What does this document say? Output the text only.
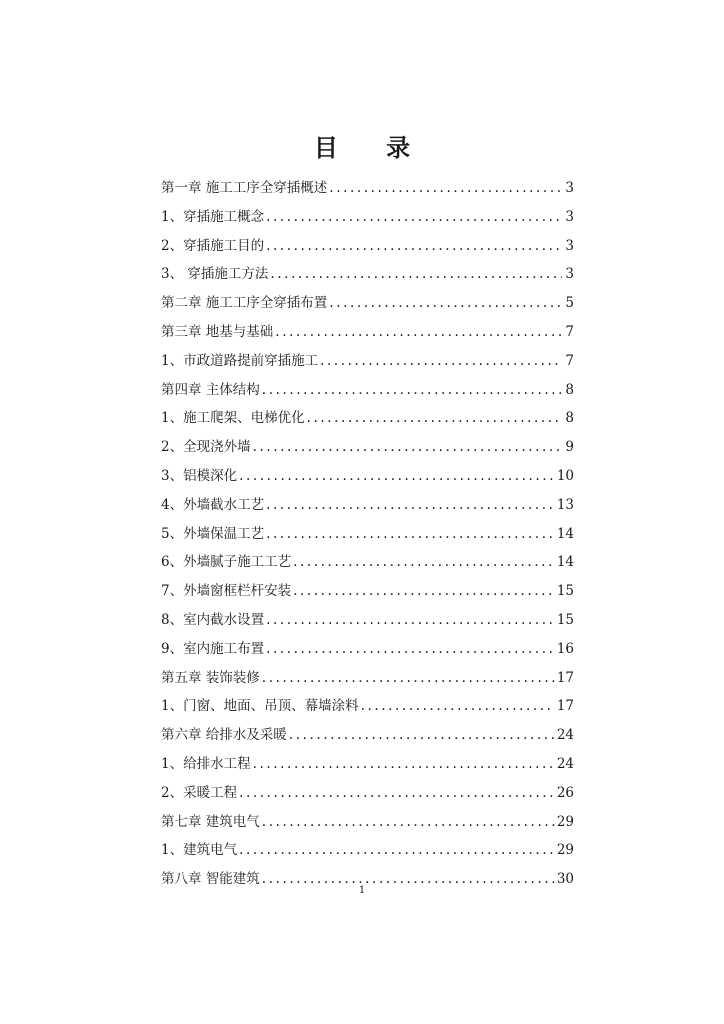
目 录
第一章 施工工序全穿插概述 .....	3
1、穿插施工概念 .....	3
2、穿插施工目的 .....	3
3、 穿插施工方法 .....	3
第二章 施工工序全穿插布置 .....	5
第三章 地基与基础 .....	7
1、市政道路提前穿插施工 .....	7
第四章 主体结构 .....	8
1、施工爬架、电梯优化 .....	8
2、全现浇外墙 .....	9
3、铝模深化 .....	10
4、外墙截水工艺 .....	13
5、外墙保温工艺 .....	14
6、外墙腻子施工工艺 .....	14
7、外墙窗框栏杆安装 .....	15
8、室内截水设置 .....	15
9、室内施工布置 .....	16
第五章 装饰装修 .....	17
1、门窗、地面、吊顶、幕墙涂料 .....	17
第六章 给排水及采暖 .....	24
1、给排水工程 .....	24
2、采暖工程 .....	26
第七章 建筑电气 .....	29
1、建筑电气 .....	29
第八章 智能建筑 .....	30
1
